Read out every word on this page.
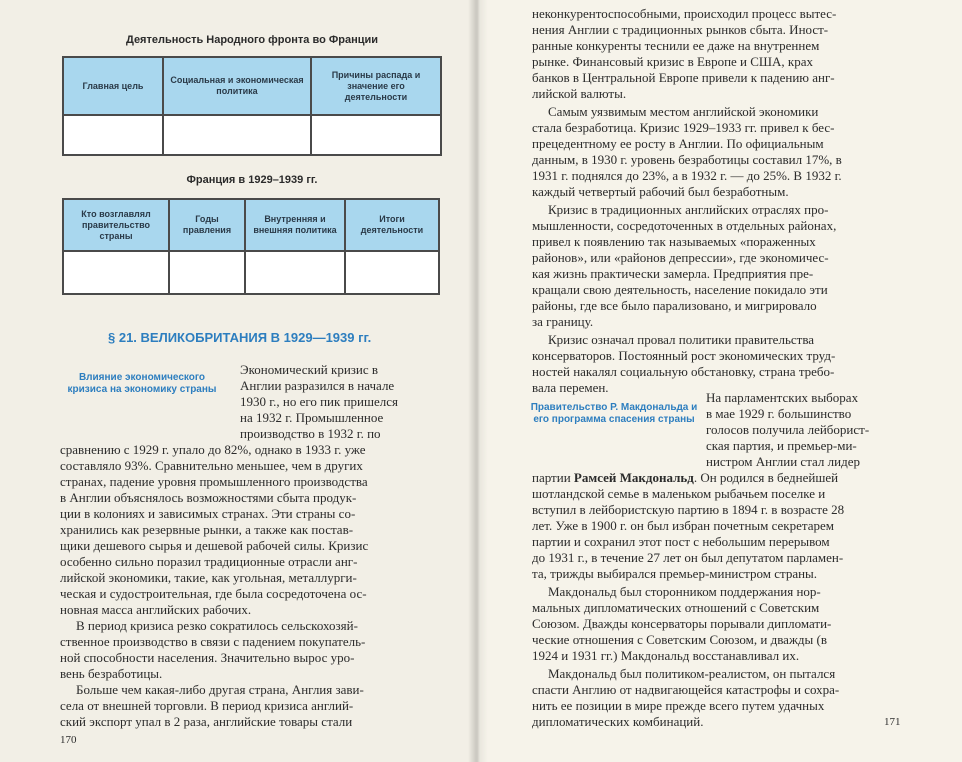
Деятельность Народного фронта во Франции
Главная цель	Социальная и экономическая политика	Причины распада и значение его деятельности

Франция в 1929–1939 гг.
Кто возглавлял правительство страны	Годы правления	Внутренняя и внешняя политика	Итоги деятельности

§ 21. ВЕЛИКОБРИТАНИЯ В 1929—1939 гг.
Влияние экономического кризиса на экономику страны
Экономический кризис в
Англии разразился в начале
1930 г., но его пик пришелся
на 1932 г. Промышленное
производство в 1932 г. по
сравнению с 1929 г. упало до 82%, однако в 1933 г. уже
составляло 93%. Сравнительно меньшее, чем в других
странах, падение уровня промышленного производства
в Англии объяснялось возможностями сбыта продук-
ции в колониях и зависимых странах. Эти страны со-
хранились как резервные рынки, а также как постав-
щики дешевого сырья и дешевой рабочей силы. Кризис
особенно сильно поразил традиционные отрасли анг-
лийской экономики, такие, как угольная, металлурги-
ческая и судостроительная, где была сосредоточена ос-
новная масса английских рабочих.
В период кризиса резко сократилось сельскохозяй-
ственное производство в связи с падением покупатель-
ной способности населения. Значительно вырос уро-
вень безработицы.
Больше чем какая-либо другая страна, Англия зави-
села от внешней торговли. В период кризиса англий-
ский экспорт упал в 2 раза, английские товары стали
170
неконкурентоспособными, происходил процесс вытес-
нения Англии с традиционных рынков сбыта. Иност-
ранные конкуренты теснили ее даже на внутреннем
рынке. Финансовый кризис в Европе и США, крах
банков в Центральной Европе привели к падению анг-
лийской валюты.
Самым уязвимым местом английской экономики
стала безработица. Кризис 1929–1933 гг. привел к бес-
прецедентному ее росту в Англии. По официальным
данным, в 1930 г. уровень безработицы составил 17%, в
1931 г. поднялся до 23%, а в 1932 г. — до 25%. В 1932 г.
каждый четвертый рабочий был безработным.
Кризис в традиционных английских отраслях про-
мышленности, сосредоточенных в отдельных районах,
привел к появлению так называемых «пораженных
районов», или «районов депрессии», где экономичес-
кая жизнь практически замерла. Предприятия пре-
кращали свою деятельность, население покидало эти
районы, где все было парализовано, и мигрировало
за границу.
Кризис означал провал политики правительства
консерваторов. Постоянный рост экономических труд-
ностей накалял социальную обстановку, страна требо-
вала перемен.
Правительство Р. Макдональда и его программа спасения страны
На парламентских выборах
в мае 1929 г. большинство
голосов получила лейборист-
ская партия, и премьер-ми-
нистром Англии стал лидер
партии Рамсей Макдональд. Он родился в беднейшей
шотландской семье в маленьком рыбачьем поселке и
вступил в лейбористскую партию в 1894 г. в возрасте 28
лет. Уже в 1900 г. он был избран почетным секретарем
партии и сохранил этот пост с небольшим перерывом
до 1931 г., в течение 27 лет он был депутатом парламен-
та, трижды выбирался премьер-министром страны.
Макдональд был сторонником поддержания нор-
мальных дипломатических отношений с Советским
Союзом. Дважды консерваторы порывали дипломати-
ческие отношения с Советским Союзом, и дважды (в
1924 и 1931 гг.) Макдональд восстанавливал их.
Макдональд был политиком-реалистом, он пытался
спасти Англию от надвигающейся катастрофы и сохра-
нить ее позиции в мире прежде всего путем удачных
дипломатических комбинаций.	171
